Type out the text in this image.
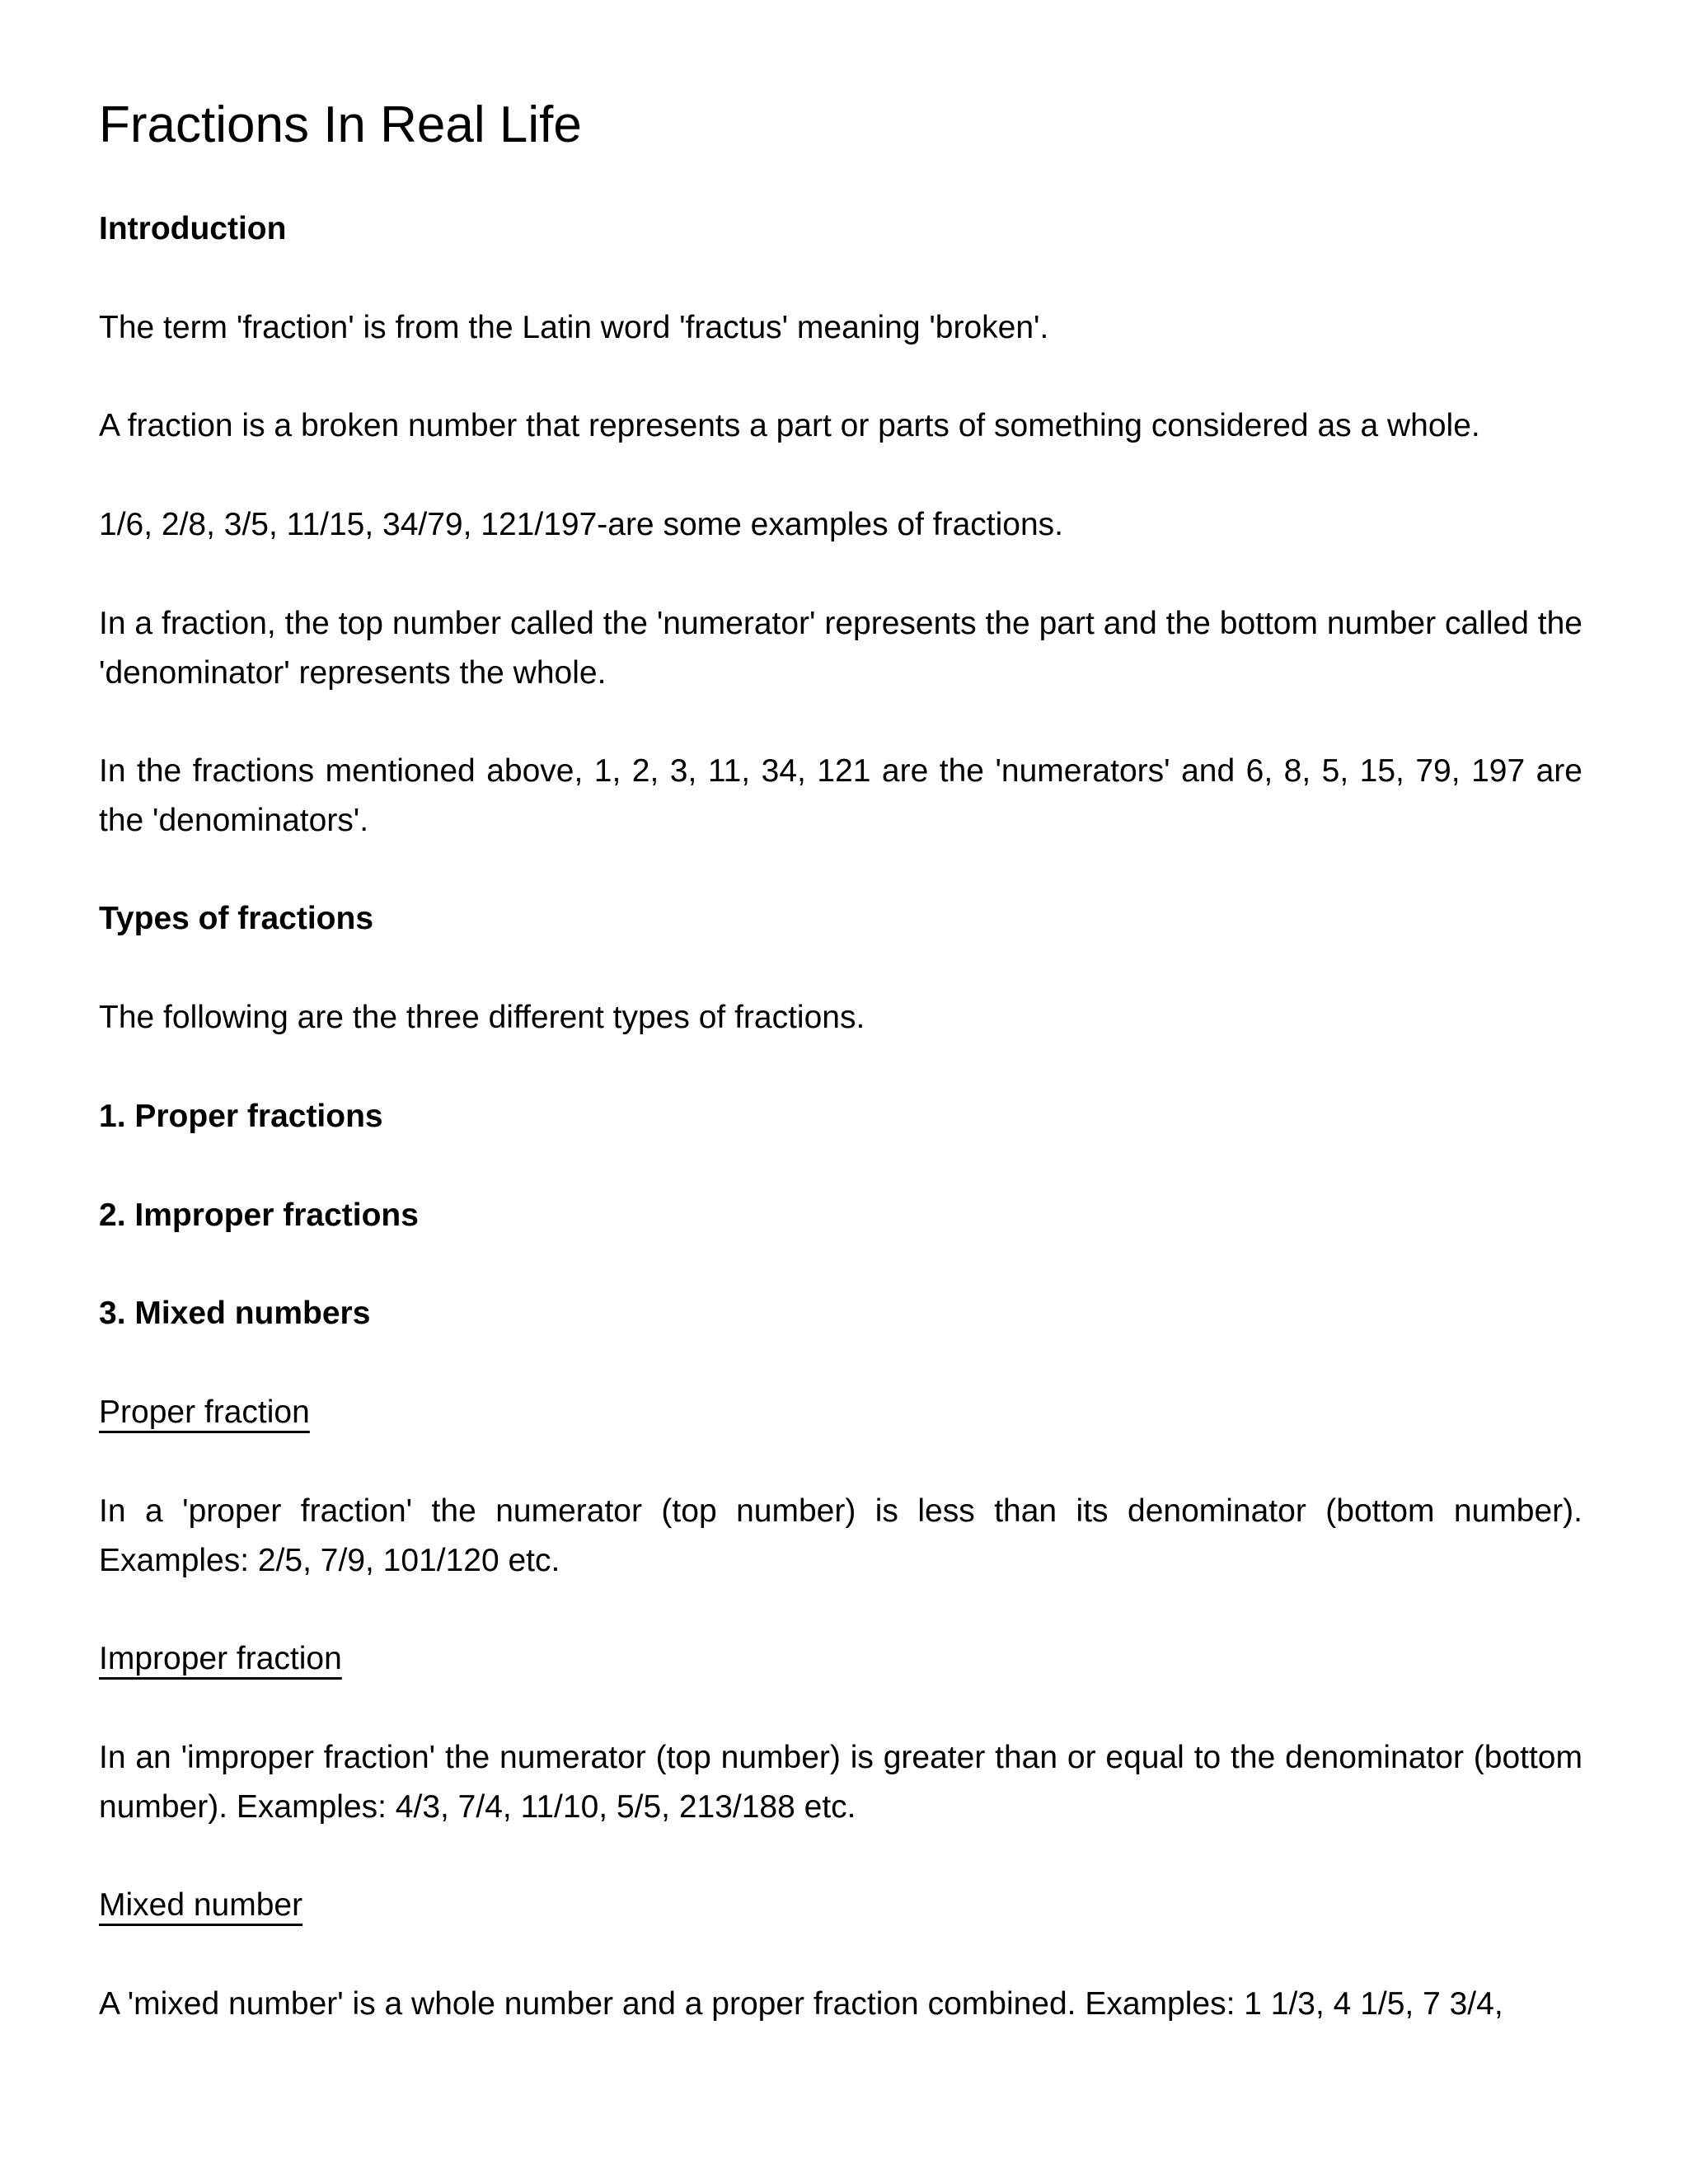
Fractions In Real Life

Introduction

The term 'fraction' is from the Latin word 'fractus' meaning 'broken'.

A fraction is a broken number that represents a part or parts of something considered as a whole.

1/6, 2/8, 3/5, 11/15, 34/79, 121/197-are some examples of fractions.

In a fraction, the top number called the 'numerator' represents the part and the bottom number called the 'denominator' represents the whole.

In the fractions mentioned above, 1, 2, 3, 11, 34, 121 are the 'numerators' and 6, 8, 5, 15, 79, 197 are the 'denominators'.

Types of fractions

The following are the three different types of fractions.

1. Proper fractions

2. Improper fractions

3. Mixed numbers

Proper fraction

In a 'proper fraction' the numerator (top number) is less than its denominator (bottom number). Examples: 2/5, 7/9, 101/120 etc.

Improper fraction

In an 'improper fraction' the numerator (top number) is greater than or equal to the denominator (bottom number). Examples: 4/3, 7/4, 11/10, 5/5, 213/188 etc.

Mixed number

A 'mixed number' is a whole number and a proper fraction combined. Examples: 1 1/3, 4 1/5, 7 3/4,
